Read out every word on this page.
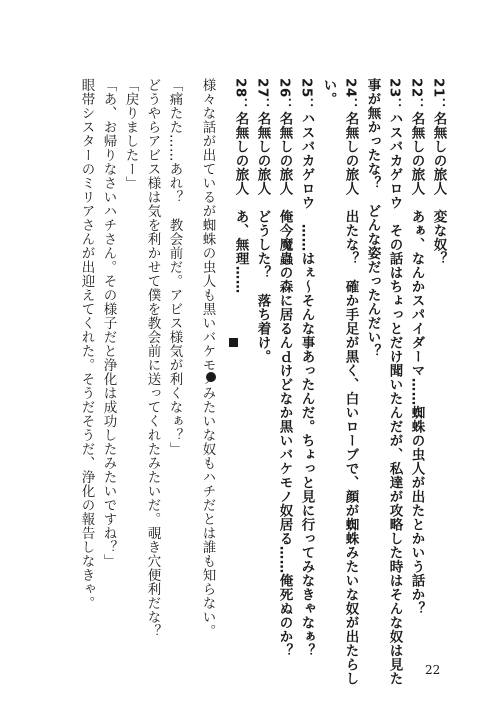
21：名無しの旅人　変な奴？
22：名無しの旅人　あぁ、なんかスパイダーマ……蜘蛛の虫人が出たとかいう話か？
23：ハスバカゲロウ　その話はちょっとだけ聞いたんだが、私達が攻略した時はそんな奴は見た
事が無かったな？　どんな姿だったんだい？
24：名無しの旅人　出たな？　確か手足が黒く、白いローブで、顔が蜘蛛みたいな奴が出たらし
い。
25：ハスバカゲロウ　……はぇ～そんな事あったんだ。ちょっと見に行ってみなきゃなぁ？
26：名無しの旅人　俺今魔蟲の森に居るんｄけどなか黒いバケモノ奴居る……俺死ぬのか？
27：名無しの旅人　どうした？　落ち着け。
28：名無しの旅人　あ、無理……
様々な話が出ているが蜘蛛の虫人も黒いバケモノみたいな奴もハチだとは誰も知らない。
「痛たた……あれ？　教会前だ。アビス様気が利くなぁ？」
どうやらアビス様は気を利かせて僕を教会前に送ってくれたみたいだ。覗き穴便利だな？
「戻りましたー」
「あ、お帰りなさいハチさん。その様子だと浄化は成功したみたいですね？」
眼帯シスターのミリアさんが出迎えてくれた。そうだそうだ、浄化の報告しなきゃ。
22
